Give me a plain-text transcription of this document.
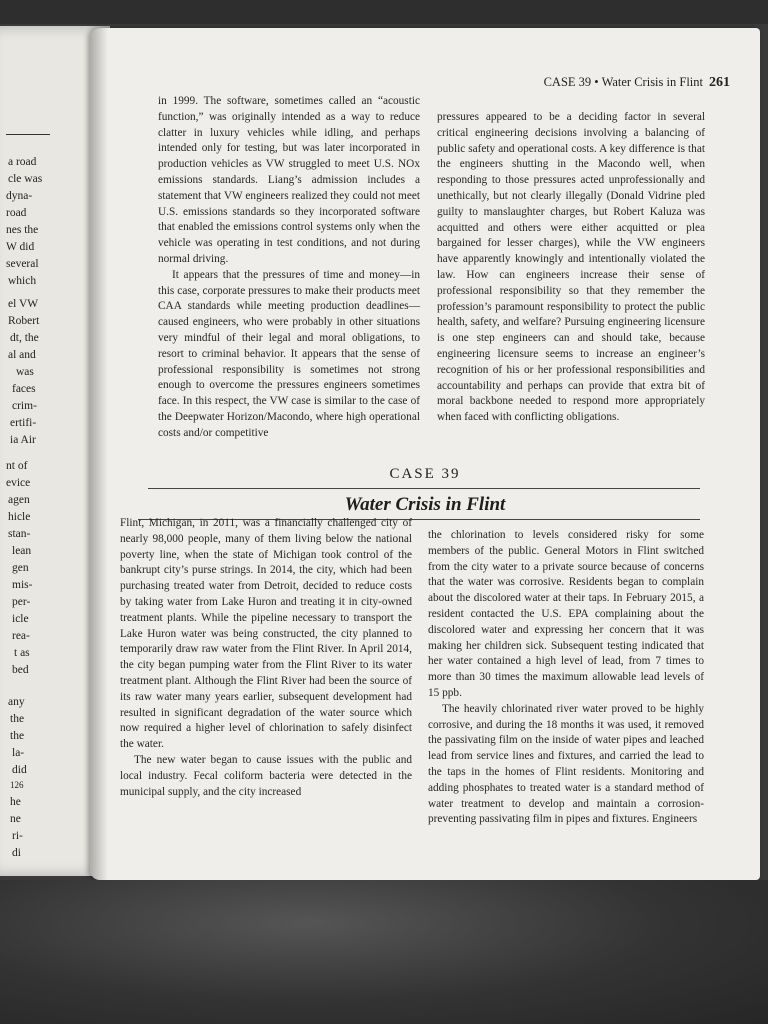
a road
cle was
dyna-
road
nes the
W did
several
which
el VW
Robert
dt, the
al and
was
faces
crim-
ertifi-
ia Air
nt of
evice
agen
hicle
stan-
lean
gen
mis-
per-
icle
rea-
t as
bed
any
the
the
la-
did
126
he
ne
ri-
di
CASE 39 • Water Crisis in Flint 261

in 1999. The software, sometimes called an “acoustic function,” was originally intended as a way to reduce clatter in luxury vehicles while idling, and perhaps intended only for testing, but was later incorporated in production vehicles as VW struggled to meet U.S. NOx emissions standards. Liang’s admission includes a statement that VW engineers realized they could not meet U.S. emissions standards so they incorporated software that enabled the emissions control systems only when the vehicle was operating in test conditions, and not during normal driving.

It appears that the pressures of time and money—in this case, corporate pressures to make their products meet CAA standards while meeting production deadlines—caused engineers, who were probably in other situations very mindful of their legal and moral obligations, to resort to criminal behavior. It appears that the sense of professional responsibility is sometimes not strong enough to overcome the pressures engineers sometimes face. In this respect, the VW case is similar to the case of the Deepwater Horizon/Macondo, where high operational costs and/or competitive

pressures appeared to be a deciding factor in several critical engineering decisions involving a balancing of public safety and operational costs. A key difference is that the engineers shutting in the Macondo well, when responding to those pressures acted unprofessionally and unethically, but not clearly illegally (Donald Vidrine pled guilty to manslaughter charges, but Robert Kaluza was acquitted and others were either acquitted or plea bargained for lesser charges), while the VW engineers have apparently knowingly and intentionally violated the law. How can engineers increase their sense of professional responsibility so that they remember the profession’s paramount responsibility to protect the public health, safety, and welfare? Pursuing engineering licensure is one step engineers can and should take, because engineering licensure seems to increase an engineer’s recognition of his or her professional responsibilities and accountability and perhaps can provide that extra bit of moral backbone needed to respond more appropriately when faced with conflicting obligations.

CASE 39
Water Crisis in Flint

Flint, Michigan, in 2011, was a financially challenged city of nearly 98,000 people, many of them living below the national poverty line, when the state of Michigan took control of the bankrupt city’s purse strings. In 2014, the city, which had been purchasing treated water from Detroit, decided to reduce costs by taking water from Lake Huron and treating it in city-owned treatment plants. While the pipeline necessary to transport the Lake Huron water was being constructed, the city planned to temporarily draw raw water from the Flint River. In April 2014, the city began pumping water from the Flint River to its water treatment plant. Although the Flint River had been the source of its raw water many years earlier, subsequent development had resulted in significant degradation of the water source which now required a higher level of chlorination to safely disinfect the water.

The new water began to cause issues with the public and local industry. Fecal coliform bacteria were detected in the municipal supply, and the city increased

the chlorination to levels considered risky for some members of the public. General Motors in Flint switched from the city water to a private source because of concerns that the water was corrosive. Residents began to complain about the discolored water at their taps. In February 2015, a resident contacted the U.S. EPA complaining about the discolored water and expressing her concern that it was making her children sick. Subsequent testing indicated that her water contained a high level of lead, from 7 times to more than 30 times the maximum allowable lead levels of 15 ppb.

The heavily chlorinated river water proved to be highly corrosive, and during the 18 months it was used, it removed the passivating film on the inside of water pipes and leached lead from service lines and fixtures, and carried the lead to the taps in the homes of Flint residents. Monitoring and adding phosphates to treated water is a standard method of water treatment to develop and maintain a corrosion-preventing passivating film in pipes and fixtures. Engineers
